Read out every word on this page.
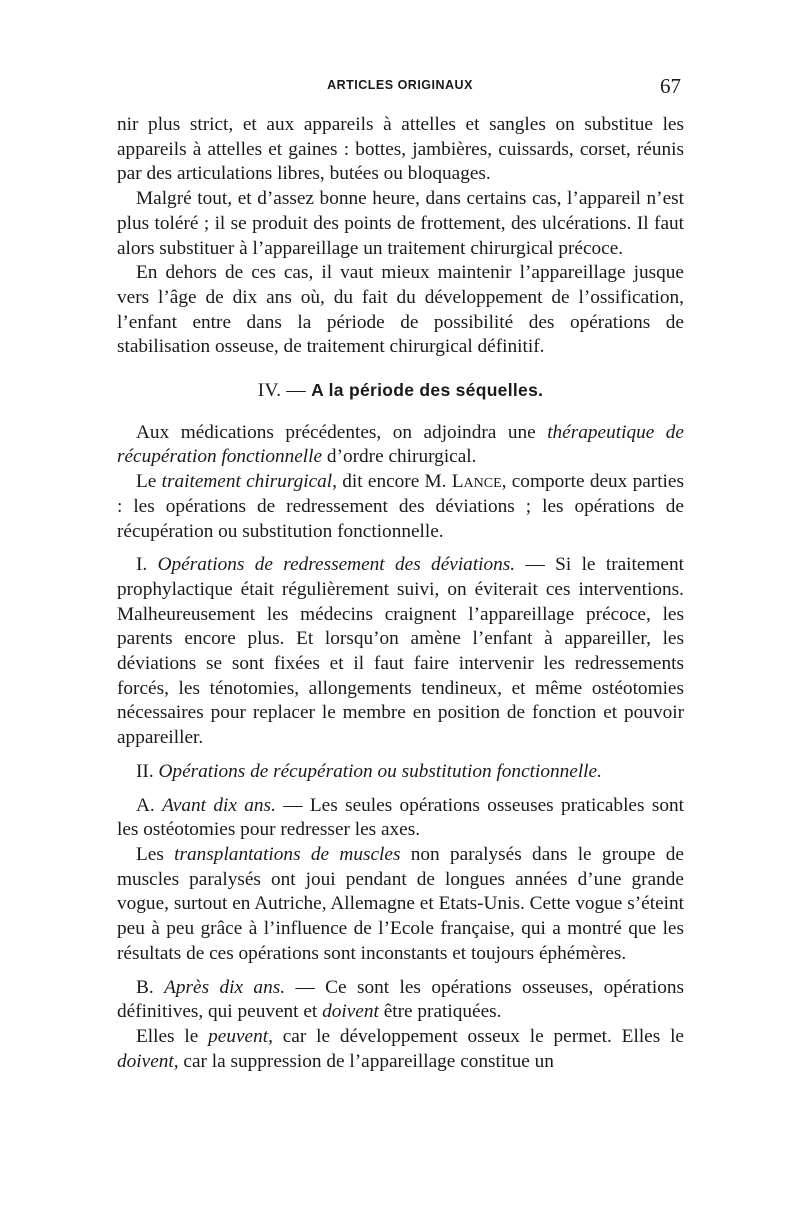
ARTICLES ORIGINAUX	67

nir plus strict, et aux appareils à attelles et sangles on substitue les appareils à attelles et gaines : bottes, jambières, cuissards, corset, réunis par des articulations libres, butées ou bloquages.

Malgré tout, et d’assez bonne heure, dans certains cas, l’appareil n’est plus toléré ; il se produit des points de frottement, des ulcérations. Il faut alors substituer à l’appareillage un traitement chirurgical précoce.

En dehors de ces cas, il vaut mieux maintenir l’appareillage jusque vers l’âge de dix ans où, du fait du développement de l’ossification, l’enfant entre dans la période de possibilité des opérations de stabilisation osseuse, de traitement chirurgical définitif.

IV. — A la période des séquelles.

Aux médications précédentes, on adjoindra une thérapeutique de récupération fonctionnelle d’ordre chirurgical.

Le traitement chirurgical, dit encore M. Lance, comporte deux parties : les opérations de redressement des déviations ; les opérations de récupération ou substitution fonctionnelle.

I. Opérations de redressement des déviations. — Si le traitement prophylactique était régulièrement suivi, on éviterait ces interventions. Malheureusement les médecins craignent l’appareillage précoce, les parents encore plus. Et lorsqu’on amène l’enfant à appareiller, les déviations se sont fixées et il faut faire intervenir les redressements forcés, les ténotomies, allongements tendineux, et même ostéotomies nécessaires pour replacer le membre en position de fonction et pouvoir appareiller.

II. Opérations de récupération ou substitution fonctionnelle.

A. Avant dix ans. — Les seules opérations osseuses praticables sont les ostéotomies pour redresser les axes.

Les transplantations de muscles non paralysés dans le groupe de muscles paralysés ont joui pendant de longues années d’une grande vogue, surtout en Autriche, Allemagne et Etats-Unis. Cette vogue s’éteint peu à peu grâce à l’influence de l’Ecole française, qui a montré que les résultats de ces opérations sont inconstants et toujours éphémères.

B. Après dix ans. — Ce sont les opérations osseuses, opérations définitives, qui peuvent et doivent être pratiquées.

Elles le peuvent, car le développement osseux le permet. Elles le doivent, car la suppression de l’appareillage constitue un
